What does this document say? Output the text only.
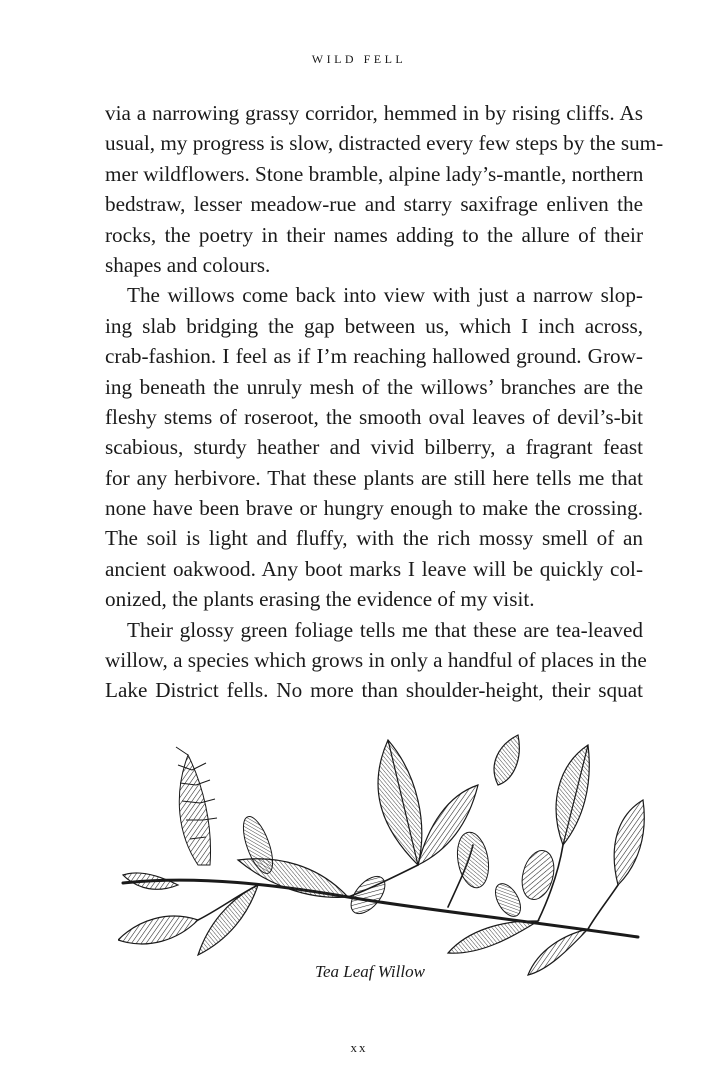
WILD FELL
via a narrowing grassy corridor, hemmed in by rising cliffs. As
usual, my progress is slow, distracted every few steps by the sum-
mer wildflowers. Stone bramble, alpine lady’s-mantle, northern
bedstraw, lesser meadow-rue and starry saxifrage enliven the
rocks, the poetry in their names adding to the allure of their
shapes and colours.
The willows come back into view with just a narrow slop-
ing slab bridging the gap between us, which I inch across,
crab-fashion. I feel as if I’m reaching hallowed ground. Grow-
ing beneath the unruly mesh of the willows’ branches are the
fleshy stems of roseroot, the smooth oval leaves of devil’s-bit
scabious, sturdy heather and vivid bilberry, a fragrant feast
for any herbivore. That these plants are still here tells me that
none have been brave or hungry enough to make the crossing.
The soil is light and fluffy, with the rich mossy smell of an
ancient oakwood. Any boot marks I leave will be quickly col-
onized, the plants erasing the evidence of my visit.
Their glossy green foliage tells me that these are tea-leaved
willow, a species which grows in only a handful of places in the
Lake District fells. No more than shoulder-height, their squat
Tea Leaf Willow
xx
